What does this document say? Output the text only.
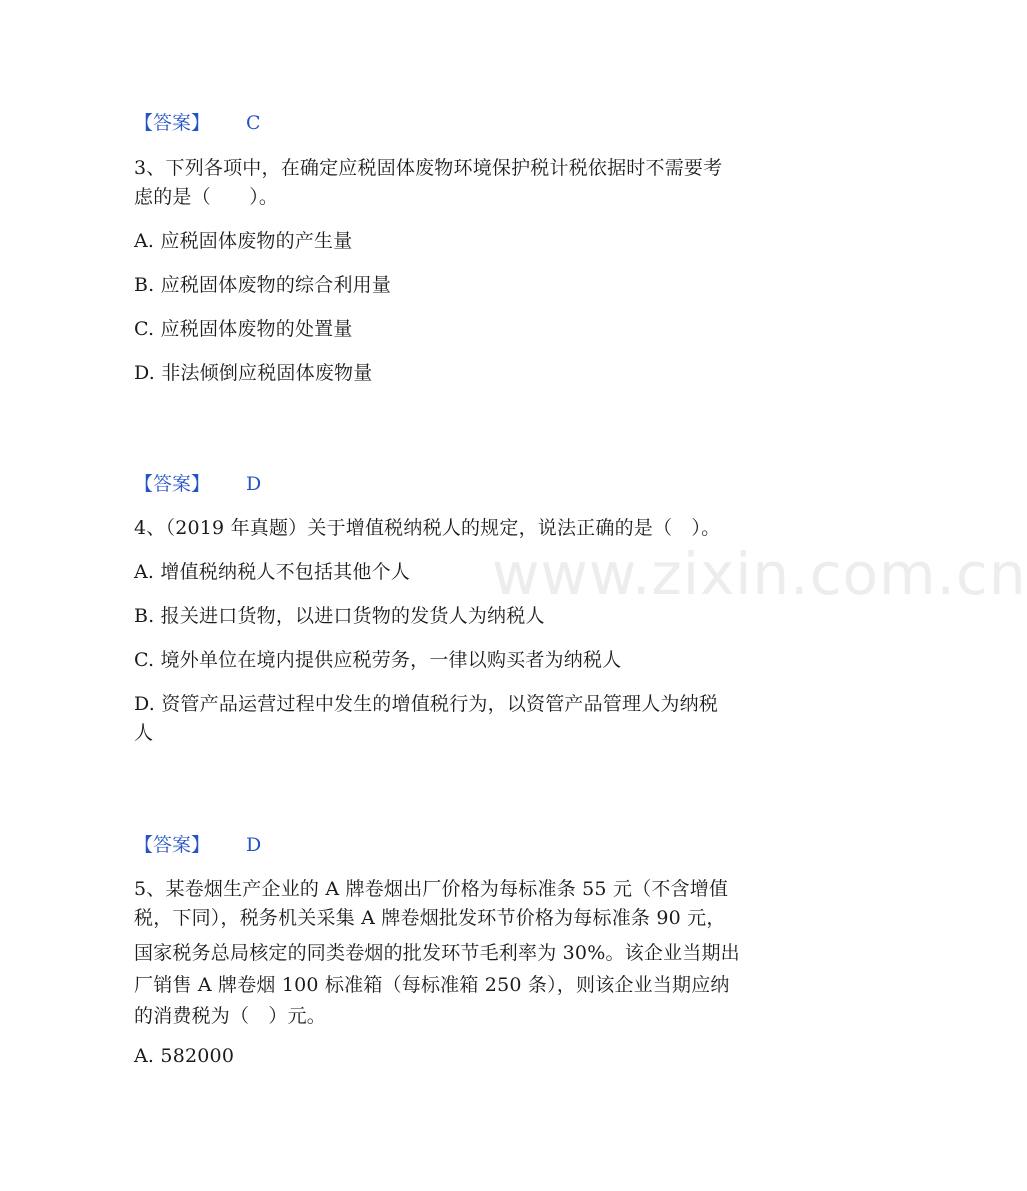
www.zixin.com.cn
【答案】 C
3、下列各项中，在确定应税固体废物环境保护税计税依据时不需要考
虑的是（　　）。
A. 应税固体废物的产生量
B. 应税固体废物的综合利用量
C. 应税固体废物的处置量
D. 非法倾倒应税固体废物量
【答案】 D
4、（2019 年真题）关于增值税纳税人的规定，说法正确的是（　）。
A. 增值税纳税人不包括其他个人
B. 报关进口货物，以进口货物的发货人为纳税人
C. 境外单位在境内提供应税劳务，一律以购买者为纳税人
D. 资管产品运营过程中发生的增值税行为，以资管产品管理人为纳税
人
【答案】 D
5、某卷烟生产企业的 A 牌卷烟出厂价格为每标准条 55 元（不含增值
税，下同），税务机关采集 A 牌卷烟批发环节价格为每标准条 90 元，
国家税务总局核定的同类卷烟的批发环节毛利率为 30%。该企业当期出
厂销售 A 牌卷烟 100 标准箱（每标准箱 250 条），则该企业当期应纳
的消费税为（　）元。
A. 582000
